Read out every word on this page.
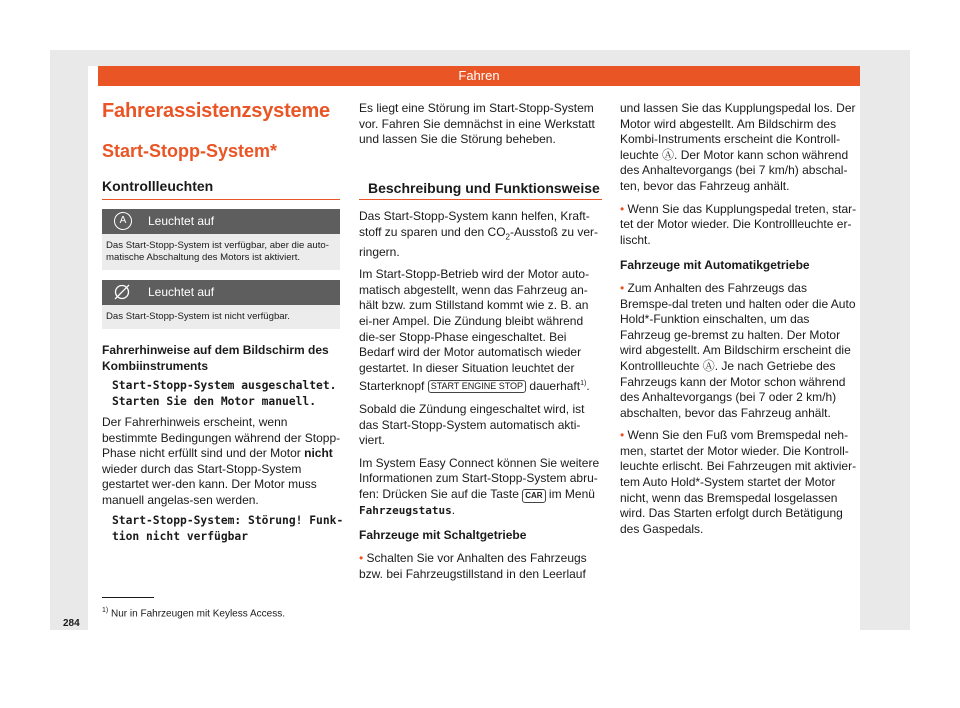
Fahren
Fahrerassistenzsysteme
Start-Stopp-System*
Kontrollleuchten
A	Leuchtet auf
Das Start-Stopp-System ist verfügbar, aber die auto-matische Abschaltung des Motors ist aktiviert.
Leuchtet auf
Das Start-Stopp-System ist nicht verfügbar.
Fahrerhinweise auf dem Bildschirm des Kombiinstruments
Start-Stopp-System ausgeschaltet. Starten Sie den Motor manuell.
Der Fahrerhinweis erscheint, wenn bestimmte Bedingungen während der Stopp-Phase nicht erfüllt sind und der Motor nicht wieder durch das Start-Stopp-System gestartet wer-den kann. Der Motor muss manuell angelas-sen werden.
Start-Stopp-System: Störung! Funk-tion nicht verfügbar
Es liegt eine Störung im Start-Stopp-System vor. Fahren Sie demnächst in eine Werkstatt und lassen Sie die Störung beheben.
Beschreibung und Funktionsweise

Das Start-Stopp-System kann helfen, Kraft-stoff zu sparen und den $CO_2$-Ausstoß zu ver-ringern.

Im Start-Stopp-Betrieb wird der Motor auto-matisch abgestellt, wenn das Fahrzeug an-hält bzw. zum Stillstand kommt wie z. B. an ei-ner Ampel. Die Zündung bleibt während die-ser Stopp-Phase eingeschaltet. Bei Bedarf wird der Motor automatisch wieder gestartet. In dieser Situation leuchtet der Starterknopf START ENGINE STOP dauerhaft$^{1)}$.

Sobald die Zündung eingeschaltet wird, ist das Start-Stopp-System automatisch akti-viert.

Im System Easy Connect können Sie weitere Informationen zum Start-Stopp-System abru-fen: Drücken Sie auf die Taste CAR im Menü Fahrzeugstatus.

Fahrzeuge mit Schaltgetriebe

• Schalten Sie vor Anhalten des Fahrzeugs bzw. bei Fahrzeugstillstand in den Leerlauf

und lassen Sie das Kupplungspedal los. Der Motor wird abgestellt. Am Bildschirm des Kombi-Instruments erscheint die Kontroll-leuchte Ⓐ. Der Motor kann schon während des Anhaltevorgangs (bei 7 km/h) abschal-ten, bevor das Fahrzeug anhält.

• Wenn Sie das Kupplungspedal treten, star-tet der Motor wieder. Die Kontrollleuchte er-lischt.

Fahrzeuge mit Automatikgetriebe

• Zum Anhalten des Fahrzeugs das Bremspe-dal treten und halten oder die Auto Hold*-Funktion einschalten, um das Fahrzeug ge-bremst zu halten. Der Motor wird abgestellt. Am Bildschirm erscheint die Kontrollleuchte Ⓐ. Je nach Getriebe des Fahrzeugs kann der Motor schon während des Anhaltevorgangs (bei 7 oder 2 km/h) abschalten, bevor das Fahrzeug anhält.

• Wenn Sie den Fuß vom Bremspedal neh-men, startet der Motor wieder. Die Kontroll-leuchte erlischt. Bei Fahrzeugen mit aktivier-tem Auto Hold*-System startet der Motor nicht, wenn das Bremspedal losgelassen wird. Das Starten erfolgt durch Betätigung des Gaspedals.

$^{1)}$ Nur in Fahrzeugen mit Keyless Access.
284
